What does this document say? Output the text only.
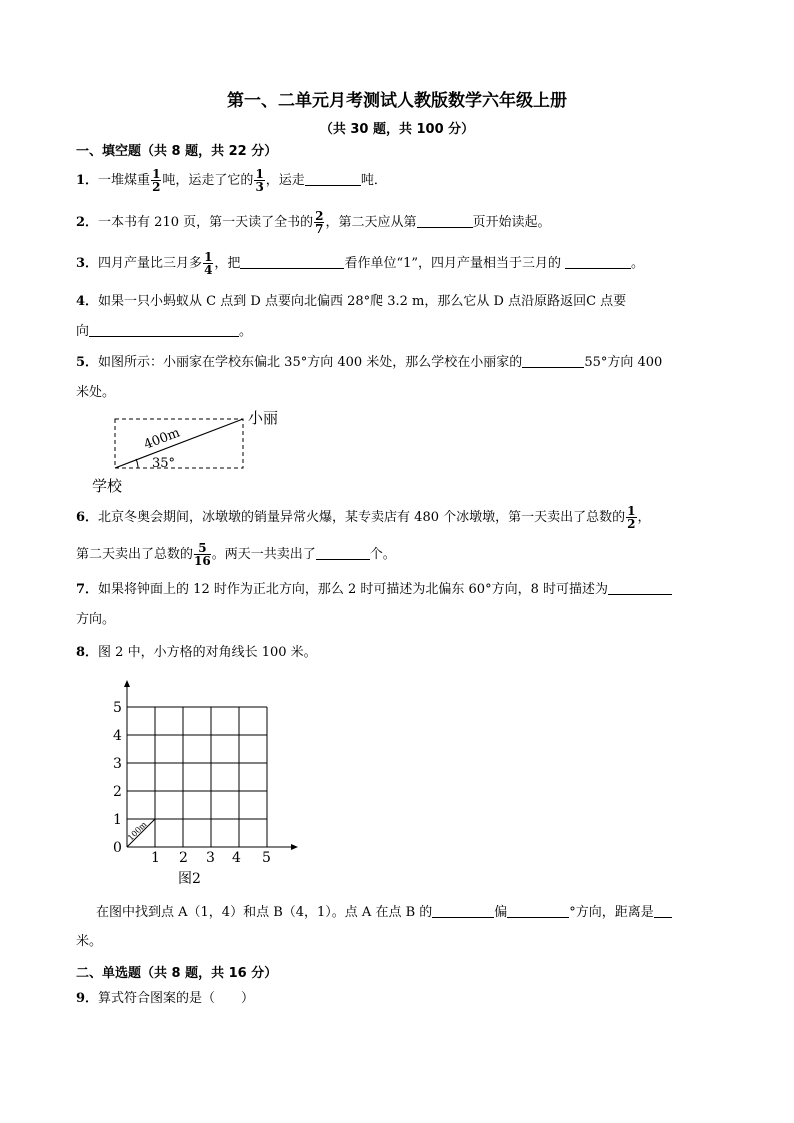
第一、二单元月考测试人教版数学六年级上册
（共 30 题，共 100 分）
一、填空题（共 8 题，共 22 分）
1．一堆煤重 $\frac{1}{2}$ 吨，运走了它的 $\frac{1}{3}$ ，运走	吨．
2．一本书有 210 页，第一天读了全书的 $\frac{2}{7}$ ，第二天应从第	页开始读起。
3．四月产量比三月多 $\frac{1}{4}$ ，把	看作单位“1”，四月产量相当于三月的	。
4．如果一只小蚂蚁从 C 点到 D 点要向北偏西 28°爬 3.2 m，那么它从 D 点沿原路返回C 点要
向	。
5．如图所示：小丽家在学校东偏北 35°方向 400 米处，那么学校在小丽家的	55°方向 400
米处。
小丽
学校
400m
35°
6．北京冬奥会期间，冰墩墩的销量异常火爆，某专卖店有 480 个冰墩墩，第一天卖出了总数的 $\frac{1}{2}$ ，
第二天卖出了总数的 $\frac{5}{16}$ 。两天一共卖出了	个。
7．如果将钟面上的 12 时作为正北方向，那么 2 时可描述为北偏东 60°方向，8 时可描述为
方向。
8．图 2 中，小方格的对角线长 100 米。
100m
5
4
3
2
1
0
1 2 3 4 5
图2
在图中找到点 A（1，4）和点 B（4，1）。点 A 在点 B 的	偏	°方向，距离是
米。
二、单选题（共 8 题，共 16 分）
9．算式符合图案的是（　　）
